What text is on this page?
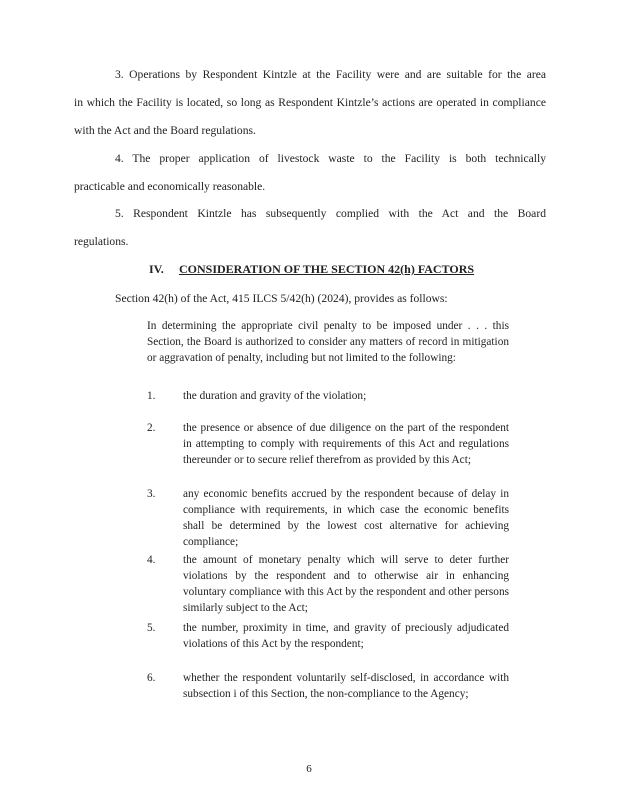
3. Operations by Respondent Kintzle at the Facility were and are suitable for the area

in which the Facility is located, so long as Respondent Kintzle’s actions are operated in compliance

with the Act and the Board regulations.

4. The proper application of livestock waste to the Facility is both technically

practicable and economically reasonable.

5. Respondent Kintzle has subsequently complied with the Act and the Board

regulations.

IV. CONSIDERATION OF THE SECTION 42(h) FACTORS

Section 42(h) of the Act, 415 ILCS 5/42(h) (2024), provides as follows:

In determining the appropriate civil penalty to be imposed under . . . this Section, the Board is authorized to consider any matters of record in mitigation or aggravation of penalty, including but not limited to the following:

1. the duration and gravity of the violation;

2. the presence or absence of due diligence on the part of the respondent in attempting to comply with requirements of this Act and regulations thereunder or to secure relief therefrom as provided by this Act;

3. any economic benefits accrued by the respondent because of delay in compliance with requirements, in which case the economic benefits shall be determined by the lowest cost alternative for achieving compliance;

4. the amount of monetary penalty which will serve to deter further violations by the respondent and to otherwise air in enhancing voluntary compliance with this Act by the respondent and other persons similarly subject to the Act;

5. the number, proximity in time, and gravity of preciously adjudicated violations of this Act by the respondent;

6. whether the respondent voluntarily self-disclosed, in accordance with subsection i of this Section, the non-compliance to the Agency;

6
